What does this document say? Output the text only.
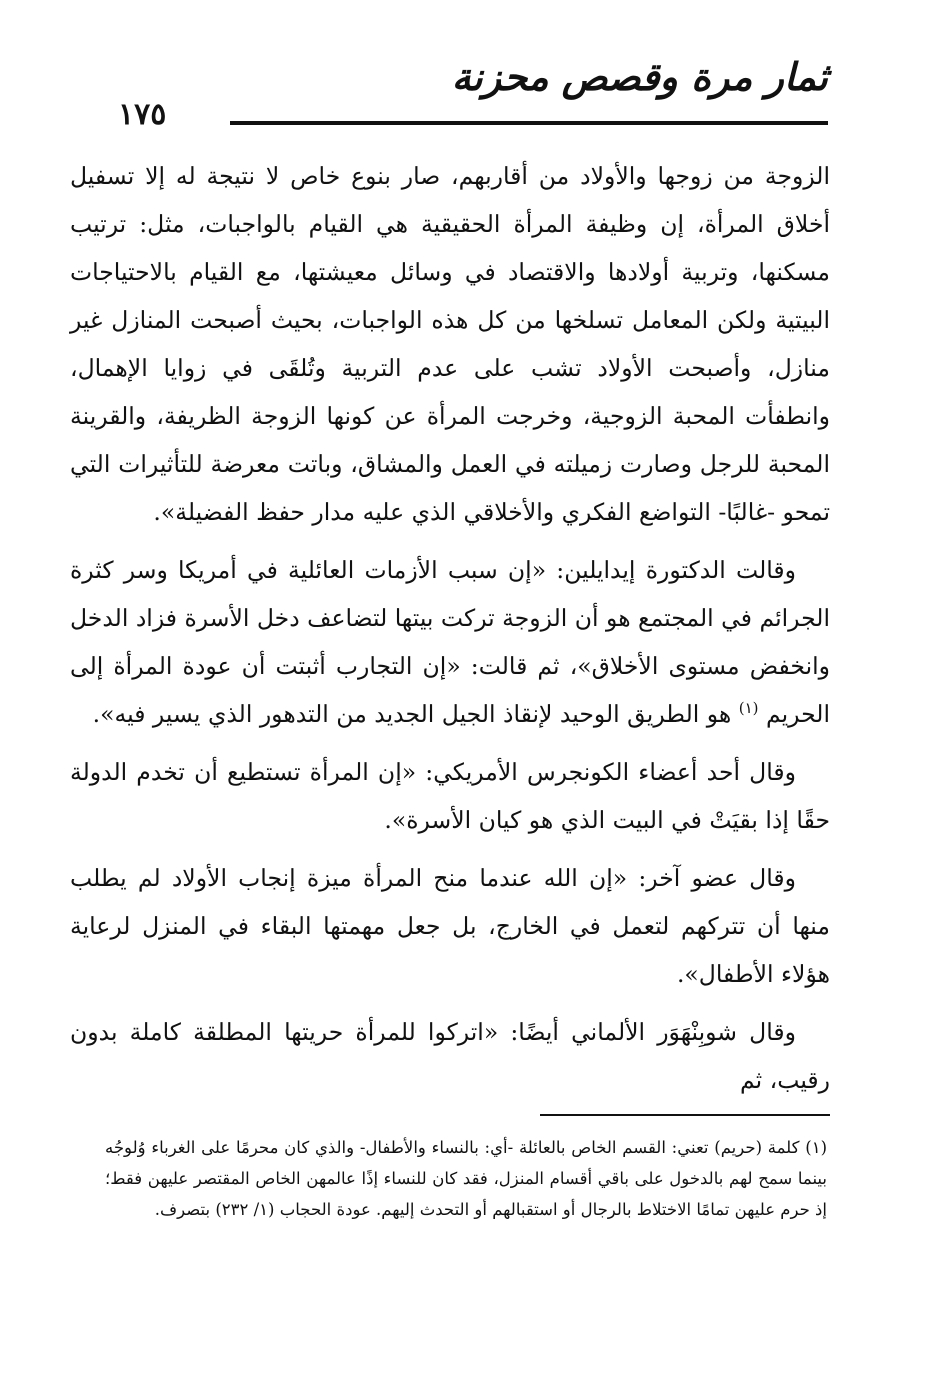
١٧٥
ثمار مرة وقصص محزنة

الزوجة من زوجها والأولاد من أقاربهم، صار بنوع خاص لا نتيجة له إلا تسفيل أخلاق المرأة، إن وظيفة المرأة الحقيقية هي القيام بالواجبات، مثل: ترتيب مسكنها، وتربية أولادها والاقتصاد في وسائل معيشتها، مع القيام بالاحتياجات البيتية ولكن المعامل تسلخها من كل هذه الواجبات، بحيث أصبحت المنازل غير منازل، وأصبحت الأولاد تشب على عدم التربية وتُلقَى في زوايا الإهمال، وانطفأت المحبة الزوجية، وخرجت المرأة عن كونها الزوجة الظريفة، والقرينة المحبة للرجل وصارت زميلته في العمل والمشاق، وباتت معرضة للتأثيرات التي تمحو -غالبًا- التواضع الفكري والأخلاقي الذي عليه مدار حفظ الفضيلة».

وقالت الدكتورة إيدايلين: «إن سبب الأزمات العائلية في أمريكا وسر كثرة الجرائم في المجتمع هو أن الزوجة تركت بيتها لتضاعف دخل الأسرة فزاد الدخل وانخفض مستوى الأخلاق»، ثم قالت: «إن التجارب أثبتت أن عودة المرأة إلى الحريم $^{(١)}$ هو الطريق الوحيد لإنقاذ الجيل الجديد من التدهور الذي يسير فيه».

وقال أحد أعضاء الكونجرس الأمريكي: «إن المرأة تستطيع أن تخدم الدولة حقًا إذا بقيَتْ في البيت الذي هو كيان الأسرة».

وقال عضو آخر: «إن الله عندما منح المرأة ميزة إنجاب الأولاد لم يطلب منها أن تتركهم لتعمل في الخارج، بل جعل مهمتها البقاء في المنزل لرعاية هؤلاء الأطفال».

وقال شوبِنْهَوَر الألماني أيضًا: «اتركوا للمرأة حريتها المطلقة كاملة بدون رقيب، ثم

(١) كلمة (حريم) تعني: القسم الخاص بالعائلة -أي: بالنساء والأطفال- والذي كان محرمًا على الغرباء وُلوجُه بينما سمح لهم بالدخول على باقي أقسام المنزل، فقد كان للنساء إذًا عالمهن الخاص المقتصر عليهن فقط؛ إذ حرم عليهن تمامًا الاختلاط بالرجال أو استقبالهم أو التحدث إليهم. عودة الحجاب (١/ ٢٣٢) بتصرف.
